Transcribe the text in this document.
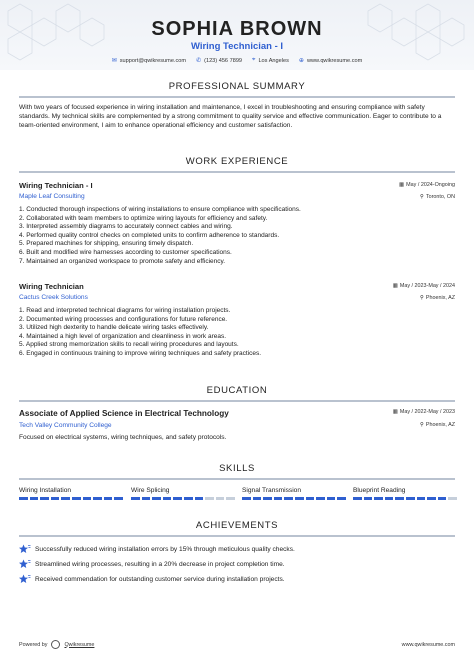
SOPHIA BROWN
Wiring Technician - I
✉ support@qwikresume.com ✆ (123) 456 7899 ⌖ Los Angeles ⊕ www.qwikresume.com
PROFESSIONAL SUMMARY
With two years of focused experience in wiring installation and maintenance, I excel in troubleshooting and ensuring compliance with safety standards. My technical skills are complemented by a strong commitment to quality service and effective communication. Eager to contribute to a team-oriented environment, I aim to enhance operational efficiency and customer satisfaction.
WORK EXPERIENCE
Wiring Technician - I	▦ May / 2024-Ongoing
Maple Leaf Consulting	⚲ Toronto, ON
1. Conducted thorough inspections of wiring installations to ensure compliance with specifications.
2. Collaborated with team members to optimize wiring layouts for efficiency and safety.
3. Interpreted assembly diagrams to accurately connect cables and wiring.
4. Performed quality control checks on completed units to confirm adherence to standards.
5. Prepared machines for shipping, ensuring timely dispatch.
6. Built and modified wire harnesses according to customer specifications.
7. Maintained an organized workspace to promote safety and efficiency.
Wiring Technician	▦ May / 2023-May / 2024
Cactus Creek Solutions	⚲ Phoenix, AZ
1. Read and interpreted technical diagrams for wiring installation projects.
2. Documented wiring processes and configurations for future reference.
3. Utilized high dexterity to handle delicate wiring tasks effectively.
4. Maintained a high level of organization and cleanliness in work areas.
5. Applied strong memorization skills to recall wiring procedures and layouts.
6. Engaged in continuous training to improve wiring techniques and safety practices.
EDUCATION
Associate of Applied Science in Electrical Technology	▦ May / 2022-May / 2023
Tech Valley Community College	⚲ Phoenix, AZ
Focused on electrical systems, wiring techniques, and safety protocols.
SKILLS
Wiring Installation	Wire Splicing	Signal Transmission	Blueprint Reading
ACHIEVEMENTS
Successfully reduced wiring installation errors by 15% through meticulous quality checks.
Streamlined wiring processes, resulting in a 20% decrease in project completion time.
Received commendation for outstanding customer service during installation projects.
Powered by	Qwikresume	www.qwikresume.com
